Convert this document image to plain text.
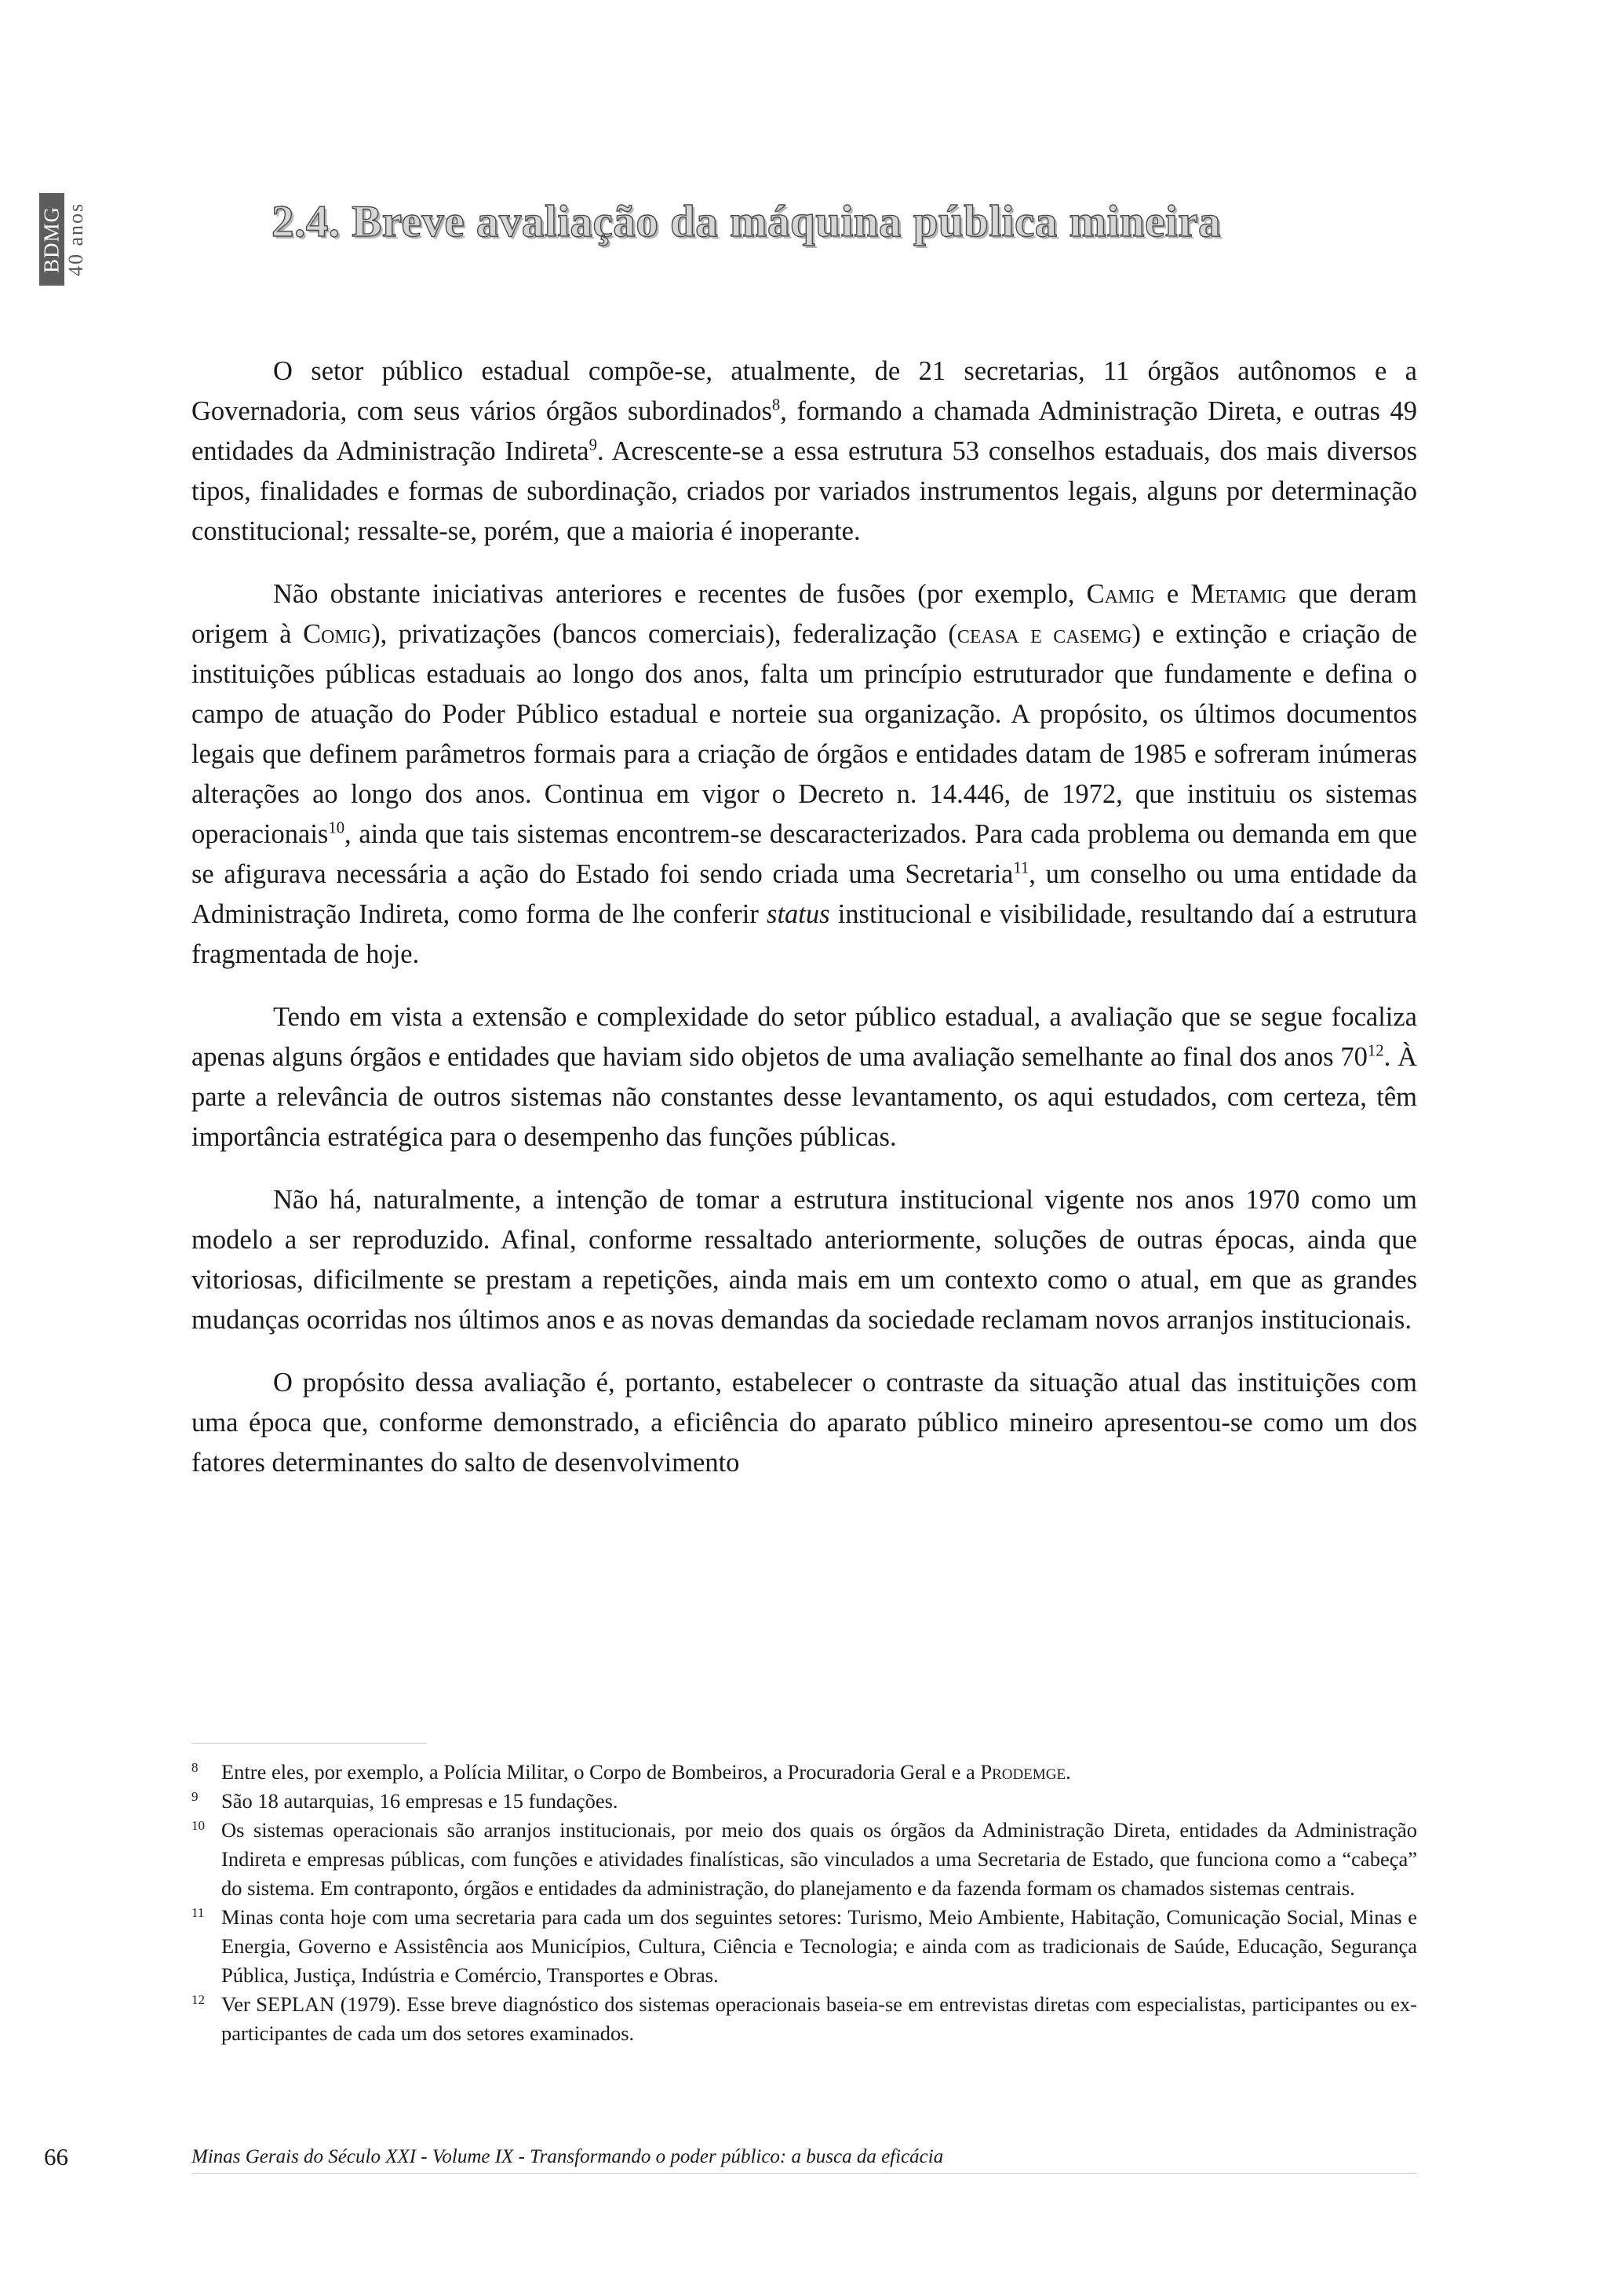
BDMG 40 anos	2.4. Breve avaliação da máquina pública mineira

O setor público estadual compõe-se, atualmente, de 21 secretarias, 11 órgãos autônomos e a Governadoria, com seus vários órgãos subordinados$^8$, formando a chamada Administração Direta, e outras 49 entidades da Administração Indireta$^9$. Acrescente-se a essa estrutura 53 conselhos estaduais, dos mais diversos tipos, finalidades e formas de subordinação, criados por variados instrumentos legais, alguns por determinação constitucional; ressalte-se, porém, que a maioria é inoperante.

Não obstante iniciativas anteriores e recentes de fusões (por exemplo, Camig e Metamig que deram origem à Comig), privatizações (bancos comerciais), federalização (ceasa e casemg) e extinção e criação de instituições públicas estaduais ao longo dos anos, falta um princípio estruturador que fundamente e defina o campo de atuação do Poder Público estadual e norteie sua organização. A propósito, os últimos documentos legais que definem parâmetros formais para a criação de órgãos e entidades datam de 1985 e sofreram inúmeras alterações ao longo dos anos. Continua em vigor o Decreto n. 14.446, de 1972, que instituiu os sistemas operacionais$^{10}$, ainda que tais sistemas encontrem-se descaracterizados. Para cada problema ou demanda em que se afigurava necessária a ação do Estado foi sendo criada uma Secretaria$^{11}$, um conselho ou uma entidade da Administração Indireta, como forma de lhe conferir status institucional e visibilidade, resultando daí a estrutura fragmentada de hoje.

Tendo em vista a extensão e complexidade do setor público estadual, a avaliação que se segue focaliza apenas alguns órgãos e entidades que haviam sido objetos de uma avaliação semelhante ao final dos anos $70^{12}$. À parte a relevância de outros sistemas não constantes desse levantamento, os aqui estudados, com certeza, têm importância estratégica para o desempenho das funções públicas.

Não há, naturalmente, a intenção de tomar a estrutura institucional vigente nos anos 1970 como um modelo a ser reproduzido. Afinal, conforme ressaltado anteriormente, soluções de outras épocas, ainda que vitoriosas, dificilmente se prestam a repetições, ainda mais em um contexto como o atual, em que as grandes mudanças ocorridas nos últimos anos e as novas demandas da sociedade reclamam novos arranjos institucionais.

O propósito dessa avaliação é, portanto, estabelecer o contraste da situação atual das instituições com uma época que, conforme demonstrado, a eficiência do aparato público mineiro apresentou-se como um dos fatores determinantes do salto de desenvolvimento

8	Entre eles, por exemplo, a Polícia Militar, o Corpo de Bombeiros, a Procuradoria Geral e a Prodemge.
9	São 18 autarquias, 16 empresas e 15 fundações.
10 Os sistemas operacionais são arranjos institucionais, por meio dos quais os órgãos da Administração Direta, entidades da Administração Indireta e empresas públicas, com funções e atividades finalísticas, são vinculados a uma Secretaria de Estado, que funciona como a “cabeça” do sistema. Em contraponto, órgãos e entidades da administração, do planejamento e da fazenda formam os chamados sistemas centrais.
11 Minas conta hoje com uma secretaria para cada um dos seguintes setores: Turismo, Meio Ambiente, Habitação, Comunicação Social, Minas e Energia, Governo e Assistência aos Municípios, Cultura, Ciência e Tecnologia; e ainda com as tradicionais de Saúde, Educação, Segurança Pública, Justiça, Indústria e Comércio, Transportes e Obras.
12 Ver SEPLAN (1979). Esse breve diagnóstico dos sistemas operacionais baseia-se em entrevistas diretas com especialistas, participantes ou ex-participantes de cada um dos setores examinados.
66	Minas Gerais do Século XXI - Volume IX - Transformando o poder público: a busca da eficácia
